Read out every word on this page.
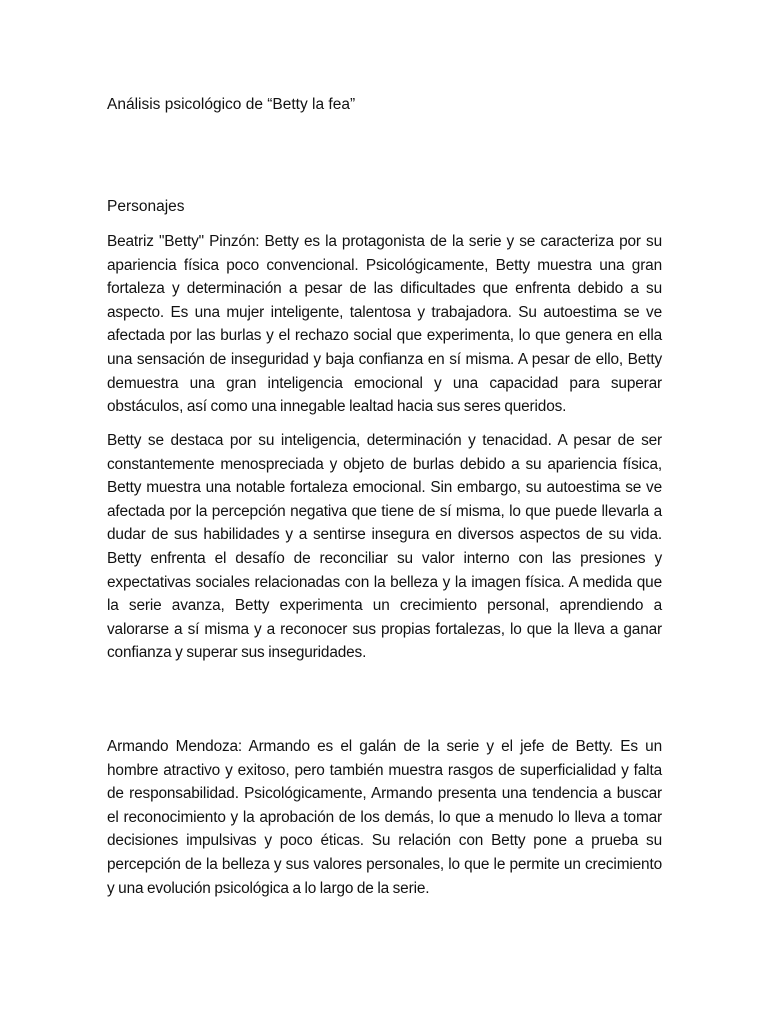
Análisis psicológico de “Betty la fea”
Personajes

Beatriz "Betty" Pinzón: Betty es la protagonista de la serie y se caracteriza por su apariencia física poco convencional. Psicológicamente, Betty muestra una gran fortaleza y determinación a pesar de las dificultades que enfrenta debido a su aspecto. Es una mujer inteligente, talentosa y trabajadora. Su autoestima se ve afectada por las burlas y el rechazo social que experimenta, lo que genera en ella una sensación de inseguridad y baja confianza en sí misma. A pesar de ello, Betty demuestra una gran inteligencia emocional y una capacidad para superar obstáculos, así como una innegable lealtad hacia sus seres queridos.

Betty se destaca por su inteligencia, determinación y tenacidad. A pesar de ser constantemente menospreciada y objeto de burlas debido a su apariencia física, Betty muestra una notable fortaleza emocional. Sin embargo, su autoestima se ve afectada por la percepción negativa que tiene de sí misma, lo que puede llevarla a dudar de sus habilidades y a sentirse insegura en diversos aspectos de su vida. Betty enfrenta el desafío de reconciliar su valor interno con las presiones y expectativas sociales relacionadas con la belleza y la imagen física. A medida que la serie avanza, Betty experimenta un crecimiento personal, aprendiendo a valorarse a sí misma y a reconocer sus propias fortalezas, lo que la lleva a ganar confianza y superar sus inseguridades.

Armando Mendoza: Armando es el galán de la serie y el jefe de Betty. Es un hombre atractivo y exitoso, pero también muestra rasgos de superficialidad y falta de responsabilidad. Psicológicamente, Armando presenta una tendencia a buscar el reconocimiento y la aprobación de los demás, lo que a menudo lo lleva a tomar decisiones impulsivas y poco éticas. Su relación con Betty pone a prueba su percepción de la belleza y sus valores personales, lo que le permite un crecimiento y una evolución psicológica a lo largo de la serie.
